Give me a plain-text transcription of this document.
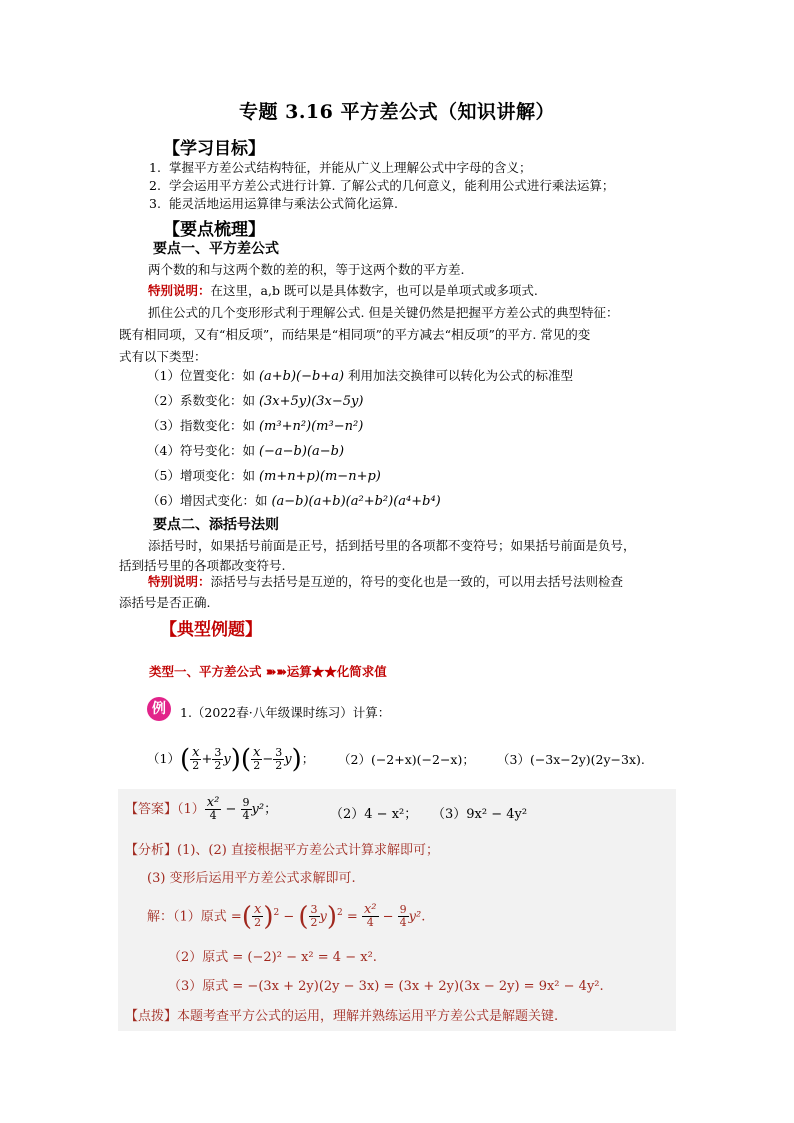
专题 3.16 平方差公式（知识讲解）
【学习目标】
1. 掌握平方差公式结构特征，并能从广义上理解公式中字母的含义；
2. 学会运用平方差公式进行计算. 了解公式的几何意义，能利用公式进行乘法运算；
3. 能灵活地运用运算律与乘法公式简化运算.
【要点梳理】
要点一、平方差公式
两个数的和与这两个数的差的积，等于这两个数的平方差.
特别说明：在这里，a,b 既可以是具体数字，也可以是单项式或多项式.
抓住公式的几个变形形式利于理解公式. 但是关键仍然是把握平方差公式的典型特征：
既有相同项，又有“相反项”，而结果是“相同项”的平方减去“相反项”的平方. 常见的变
式有以下类型：
（1）位置变化：如 (a+b)(−b+a) 利用加法交换律可以转化为公式的标准型
（2）系数变化：如 (3x+5y)(3x−5y)
（3）指数变化：如 (m³+n²)(m³−n²)
（4）符号变化：如 (−a−b)(a−b)
（5）增项变化：如 (m+n+p)(m−n+p)
（6）增因式变化：如 (a−b)(a+b)(a²+b²)(a⁴+b⁴)
要点二、添括号法则
添括号时，如果括号前面是正号，括到括号里的各项都不变符号；如果括号前面是负号，
括到括号里的各项都改变符号.
特别说明：添括号与去括号是互逆的，符号的变化也是一致的，可以用去括号法则检查
添括号是否正确.
【典型例题】
类型一、平方差公式 ➽➽运算★★化简求值
例	1.（2022春·八年级课时练习）计算：
$(1)( \frac{x}{2} + \frac{3}{2} y)( \frac{x}{2} - \frac{3}{2} y)$； （2）(−2+x)(−2−x)； （3）(−3x−2y)(2y−3x).
【答案】$(1) \frac{\text{x²}}{4} - \frac{9}{4} y^2$；	（2）4 − x²； （3）9x² − 4y²
【分析】(1)、(2) 直接根据平方差公式计算求解即可；
(3) 变形后运用平方差公式求解即可.
解：（1）原式 =( $\frac{x}{2} )^2$ − ( $\frac{3}{2} y)^2 = \frac{\text{x²}}{4} - \frac{9}{4} y^2$.
（2）原式 = (−2)² − x² = 4 − x².
（3）原式 = −(3x + 2y)(2y − 3x) = (3x + 2y)(3x − 2y) = 9x² − 4y².
【点拨】本题考查平方公式的运用，理解并熟练运用平方差公式是解题关键.
